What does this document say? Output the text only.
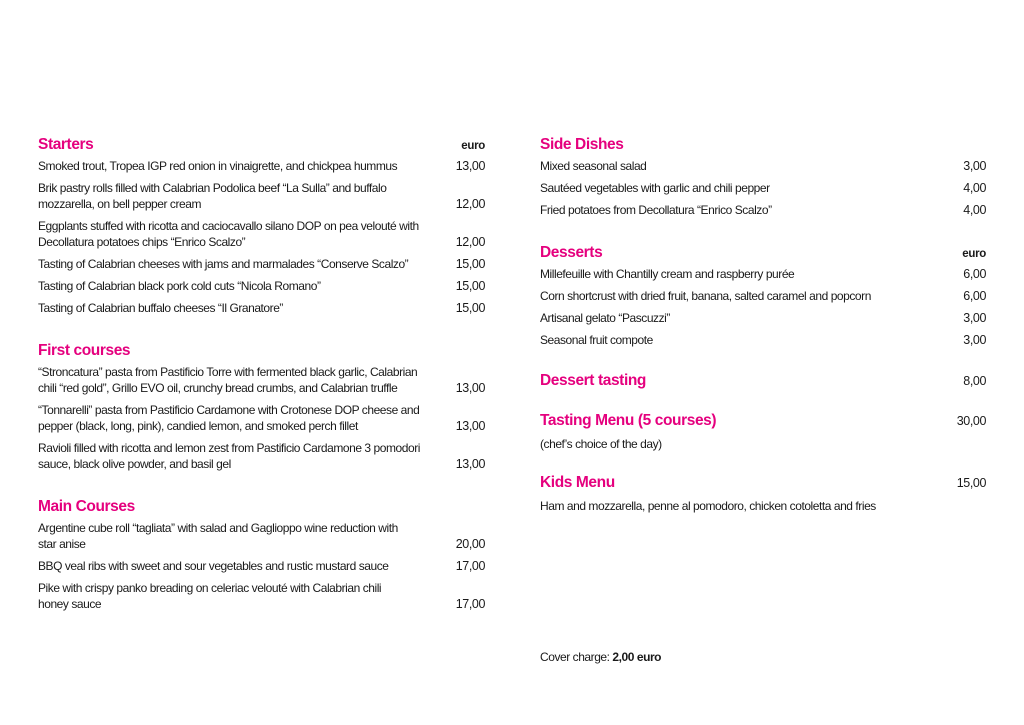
Starters	euro
Smoked trout, Tropea IGP red onion in vinaigrette, and chickpea hummus	13,00
Brik pastry rolls filled with Calabrian Podolica beef “La Sulla” and buffalo mozzarella, on bell pepper cream	12,00
Eggplants stuffed with ricotta and caciocavallo silano DOP on pea velouté with Decollatura potatoes chips “Enrico Scalzo”	12,00
Tasting of Calabrian cheeses with jams and marmalades “Conserve Scalzo”	15,00
Tasting of Calabrian black pork cold cuts “Nicola Romano”	15,00
Tasting of Calabrian buffalo cheeses “Il Granatore”	15,00
First courses
“Stroncatura” pasta from Pastificio Torre with fermented black garlic, Calabrian chili “red gold”, Grillo EVO oil, crunchy bread crumbs, and Calabrian truffle	13,00
“Tonnarelli” pasta from Pastificio Cardamone with Crotonese DOP cheese and pepper (black, long, pink), candied lemon, and smoked perch fillet	13,00
Ravioli filled with ricotta and lemon zest from Pastificio Cardamone 3 pomodori sauce, black olive powder, and basil gel	13,00
Main Courses
Argentine cube roll “tagliata” with salad and Gaglioppo wine reduction with star anise	20,00
BBQ veal ribs with sweet and sour vegetables and rustic mustard sauce	17,00
Pike with crispy panko breading on celeriac velouté with Calabrian chili honey sauce	17,00
Side Dishes
Mixed seasonal salad	3,00
Sautéed vegetables with garlic and chili pepper	4,00
Fried potatoes from Decollatura “Enrico Scalzo”	4,00
Desserts	euro
Millefeuille with Chantilly cream and raspberry purée	6,00
Corn shortcrust with dried fruit, banana, salted caramel and popcorn	6,00
Artisanal gelato “Pascuzzi”	3,00
Seasonal fruit compote	3,00
Dessert tasting	8,00
Tasting Menu (5 courses)	30,00
(chef’s choice of the day)
Kids Menu	15,00
Ham and mozzarella, penne al pomodoro, chicken cotoletta and fries
Cover charge: 2,00 euro
